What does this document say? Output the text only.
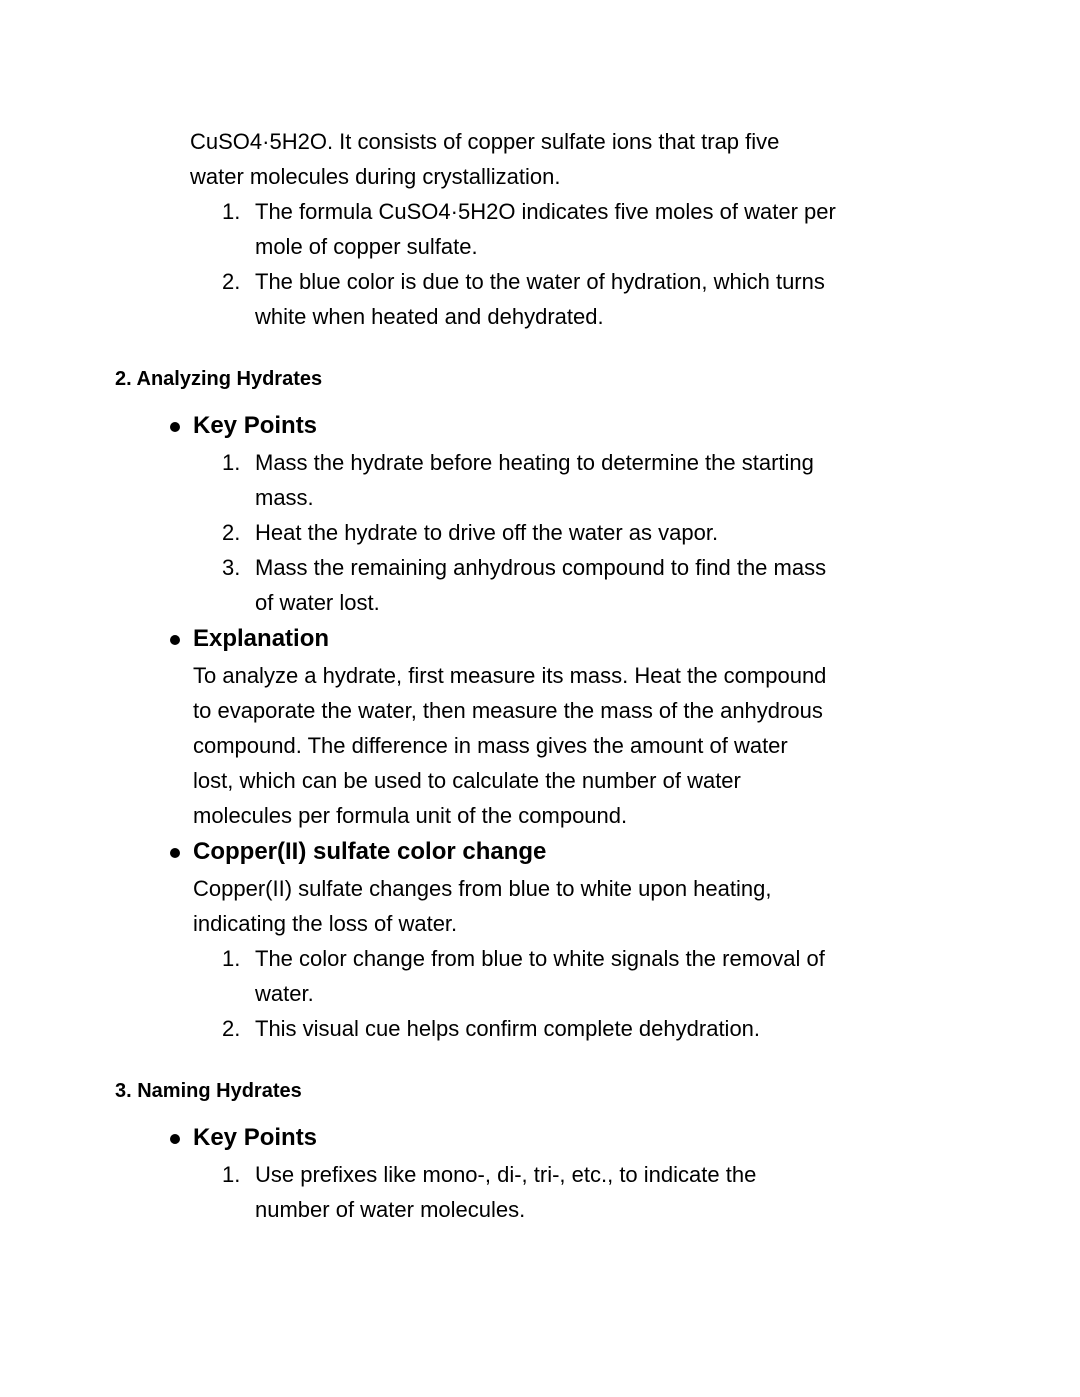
CuSO4·5H2O. It consists of copper sulfate ions that trap five
water molecules during crystallization.
1. The formula CuSO4·5H2O indicates five moles of water per
mole of copper sulfate.
2. The blue color is due to the water of hydration, which turns
white when heated and dehydrated.
2. Analyzing Hydrates
Key Points
1. Mass the hydrate before heating to determine the starting
mass.
2. Heat the hydrate to drive off the water as vapor.
3. Mass the remaining anhydrous compound to find the mass
of water lost.
Explanation
To analyze a hydrate, first measure its mass. Heat the compound
to evaporate the water, then measure the mass of the anhydrous
compound. The difference in mass gives the amount of water
lost, which can be used to calculate the number of water
molecules per formula unit of the compound.
Copper(II) sulfate color change
Copper(II) sulfate changes from blue to white upon heating,
indicating the loss of water.
1. The color change from blue to white signals the removal of
water.
2. This visual cue helps confirm complete dehydration.
3. Naming Hydrates
Key Points
1. Use prefixes like mono-, di-, tri-, etc., to indicate the
number of water molecules.
